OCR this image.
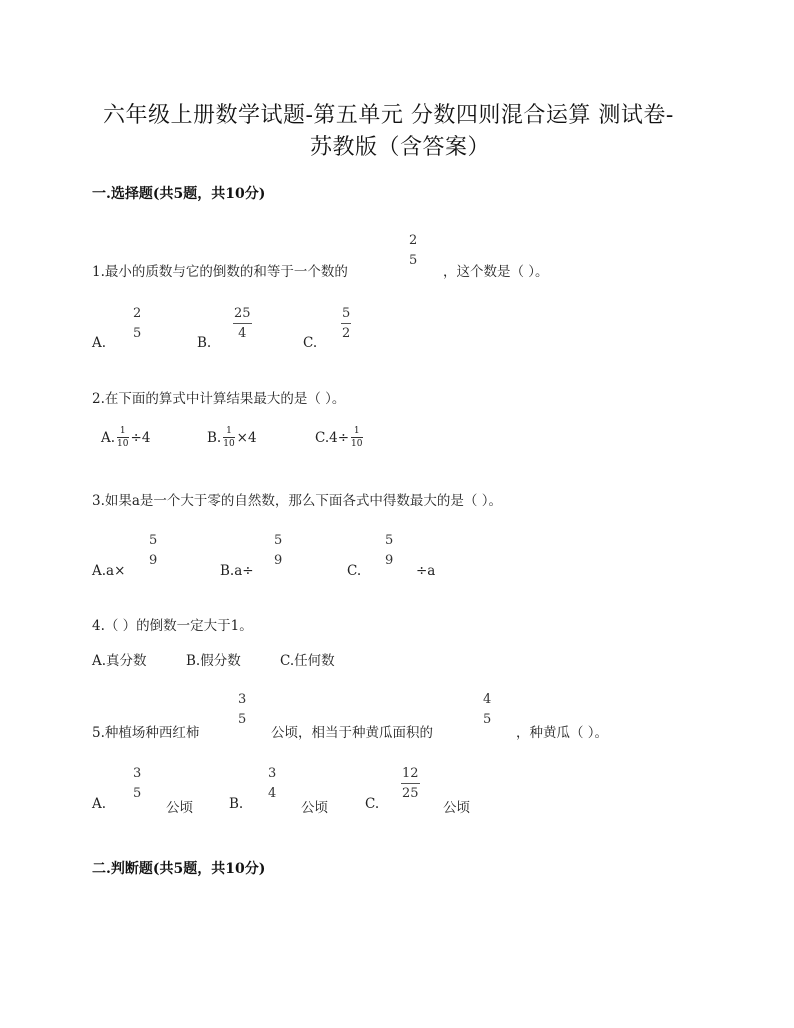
六年级上册数学试题-第五单元 分数四则混合运算 测试卷-
苏教版（含答案）
一.选择题(共5题，共10分)
1.最小的质数与它的倒数的和等于一个数的
2
5
，这个数是（ ）。
A.
2
5
B.
25
4
C.
5
2
2.在下面的算式中计算结果最大的是（ ）。
A. $\frac{1}{10} \div 4$	B. $\frac{1}{10} \times 4$	$C.4\div \frac{1}{10}$
3.如果a是一个大于零的自然数，那么下面各式中得数最大的是（ ）。
A.a×
5
9
B.a÷
5
9
C.
5
9
÷a
4.（ ）的倒数一定大于1。
A.真分数	B.假分数	C.任何数
5.种植场种西红柿
3
5
公顷，相当于种黄瓜面积的
4
5
，种黄瓜（ ）。
A.
3
5
公顷	B.
3
4
公顷	C.
12
25
公顷
二.判断题(共5题，共10分)
